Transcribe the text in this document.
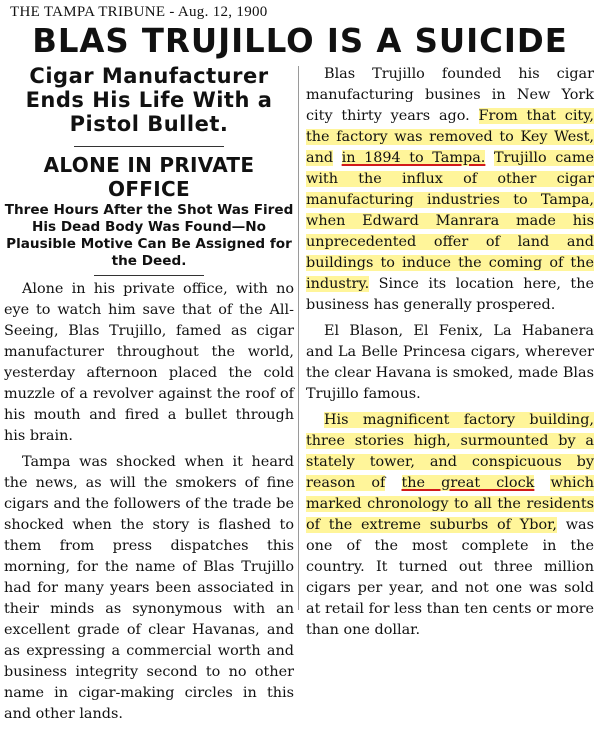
THE TAMPA TRIBUNE - Aug. 12, 1900
BLAS TRUJILLO IS A SUICIDE
Cigar Manufacturer Ends His Life With a Pistol Bullet.
ALONE IN PRIVATE OFFICE
Three Hours After the Shot Was Fired His Dead Body Was Found—No Plausible Motive Can Be Assigned for the Deed.

Alone in his private office, with no eye to watch him save that of the All-Seeing, Blas Trujillo, famed as cigar manufacturer throughout the world, yesterday afternoon placed the cold muzzle of a revolver against the roof of his mouth and fired a bullet through his brain.

Tampa was shocked when it heard the news, as will the smokers of fine cigars and the followers of the trade be shocked when the story is flashed to them from press dispatches this morning, for the name of Blas Trujillo had for many years been associated in their minds as synonymous with an excellent grade of clear Havanas, and as expressing a commercial worth and business integrity second to no other name in cigar-making circles in this and other lands.

Blas Trujillo founded his cigar manufacturing busines in New York city thirty years ago. From that city, the factory was removed to Key West, and in 1894 to Tampa. Trujillo came with the influx of other cigar manufacturing industries to Tampa, when Edward Manrara made his unprecedented offer of land and buildings to induce the coming of the industry. Since its location here, the business has generally prospered.

El Blason, El Fenix, La Habanera and La Belle Princesa cigars, wherever the clear Havana is smoked, made Blas Trujillo famous.

His magnificent factory building, three stories high, surmounted by a stately tower, and conspicuous by reason of the great clock which marked chronology to all the residents of the extreme suburbs of Ybor, was one of the most complete in the country. It turned out three million cigars per year, and not one was sold at retail for less than ten cents or more than one dollar.
